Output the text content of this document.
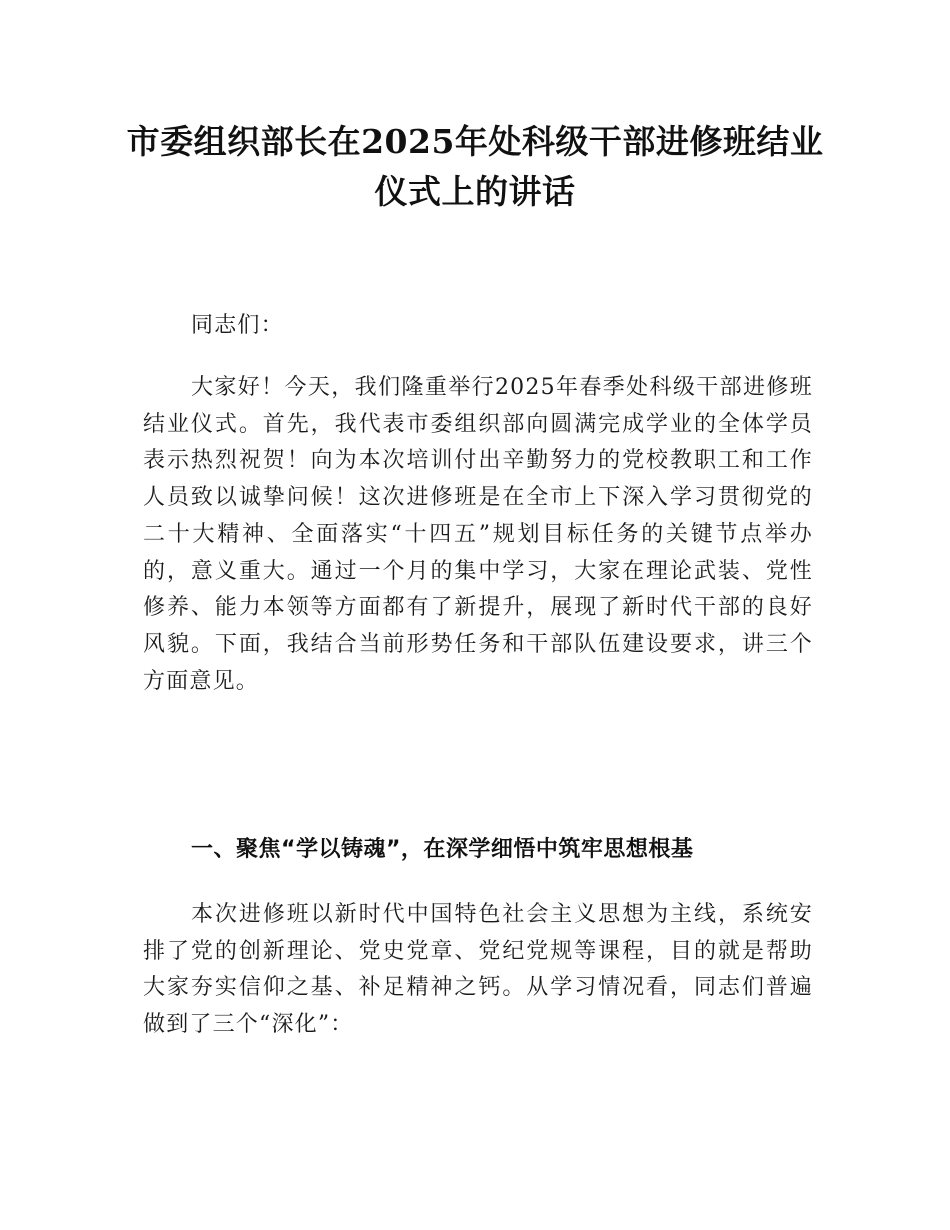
市委组织部长在2025年处科级干部进修班结业仪式上的讲话

同志们：

大家好！今天，我们隆重举行2025年春季处科级干部进修班结业仪式。首先，我代表市委组织部向圆满完成学业的全体学员表示热烈祝贺！向为本次培训付出辛勤努力的党校教职工和工作人员致以诚挚问候！这次进修班是在全市上下深入学习贯彻党的二十大精神、全面落实“十四五”规划目标任务的关键节点举办的，意义重大。通过一个月的集中学习，大家在理论武装、党性修养、能力本领等方面都有了新提升，展现了新时代干部的良好风貌。下面，我结合当前形势任务和干部队伍建设要求，讲三个方面意见。

一、聚焦“学以铸魂”，在深学细悟中筑牢思想根基

本次进修班以新时代中国特色社会主义思想为主线，系统安排了党的创新理论、党史党章、党纪党规等课程，目的就是帮助大家夯实信仰之基、补足精神之钙。从学习情况看，同志们普遍做到了三个“深化”：
